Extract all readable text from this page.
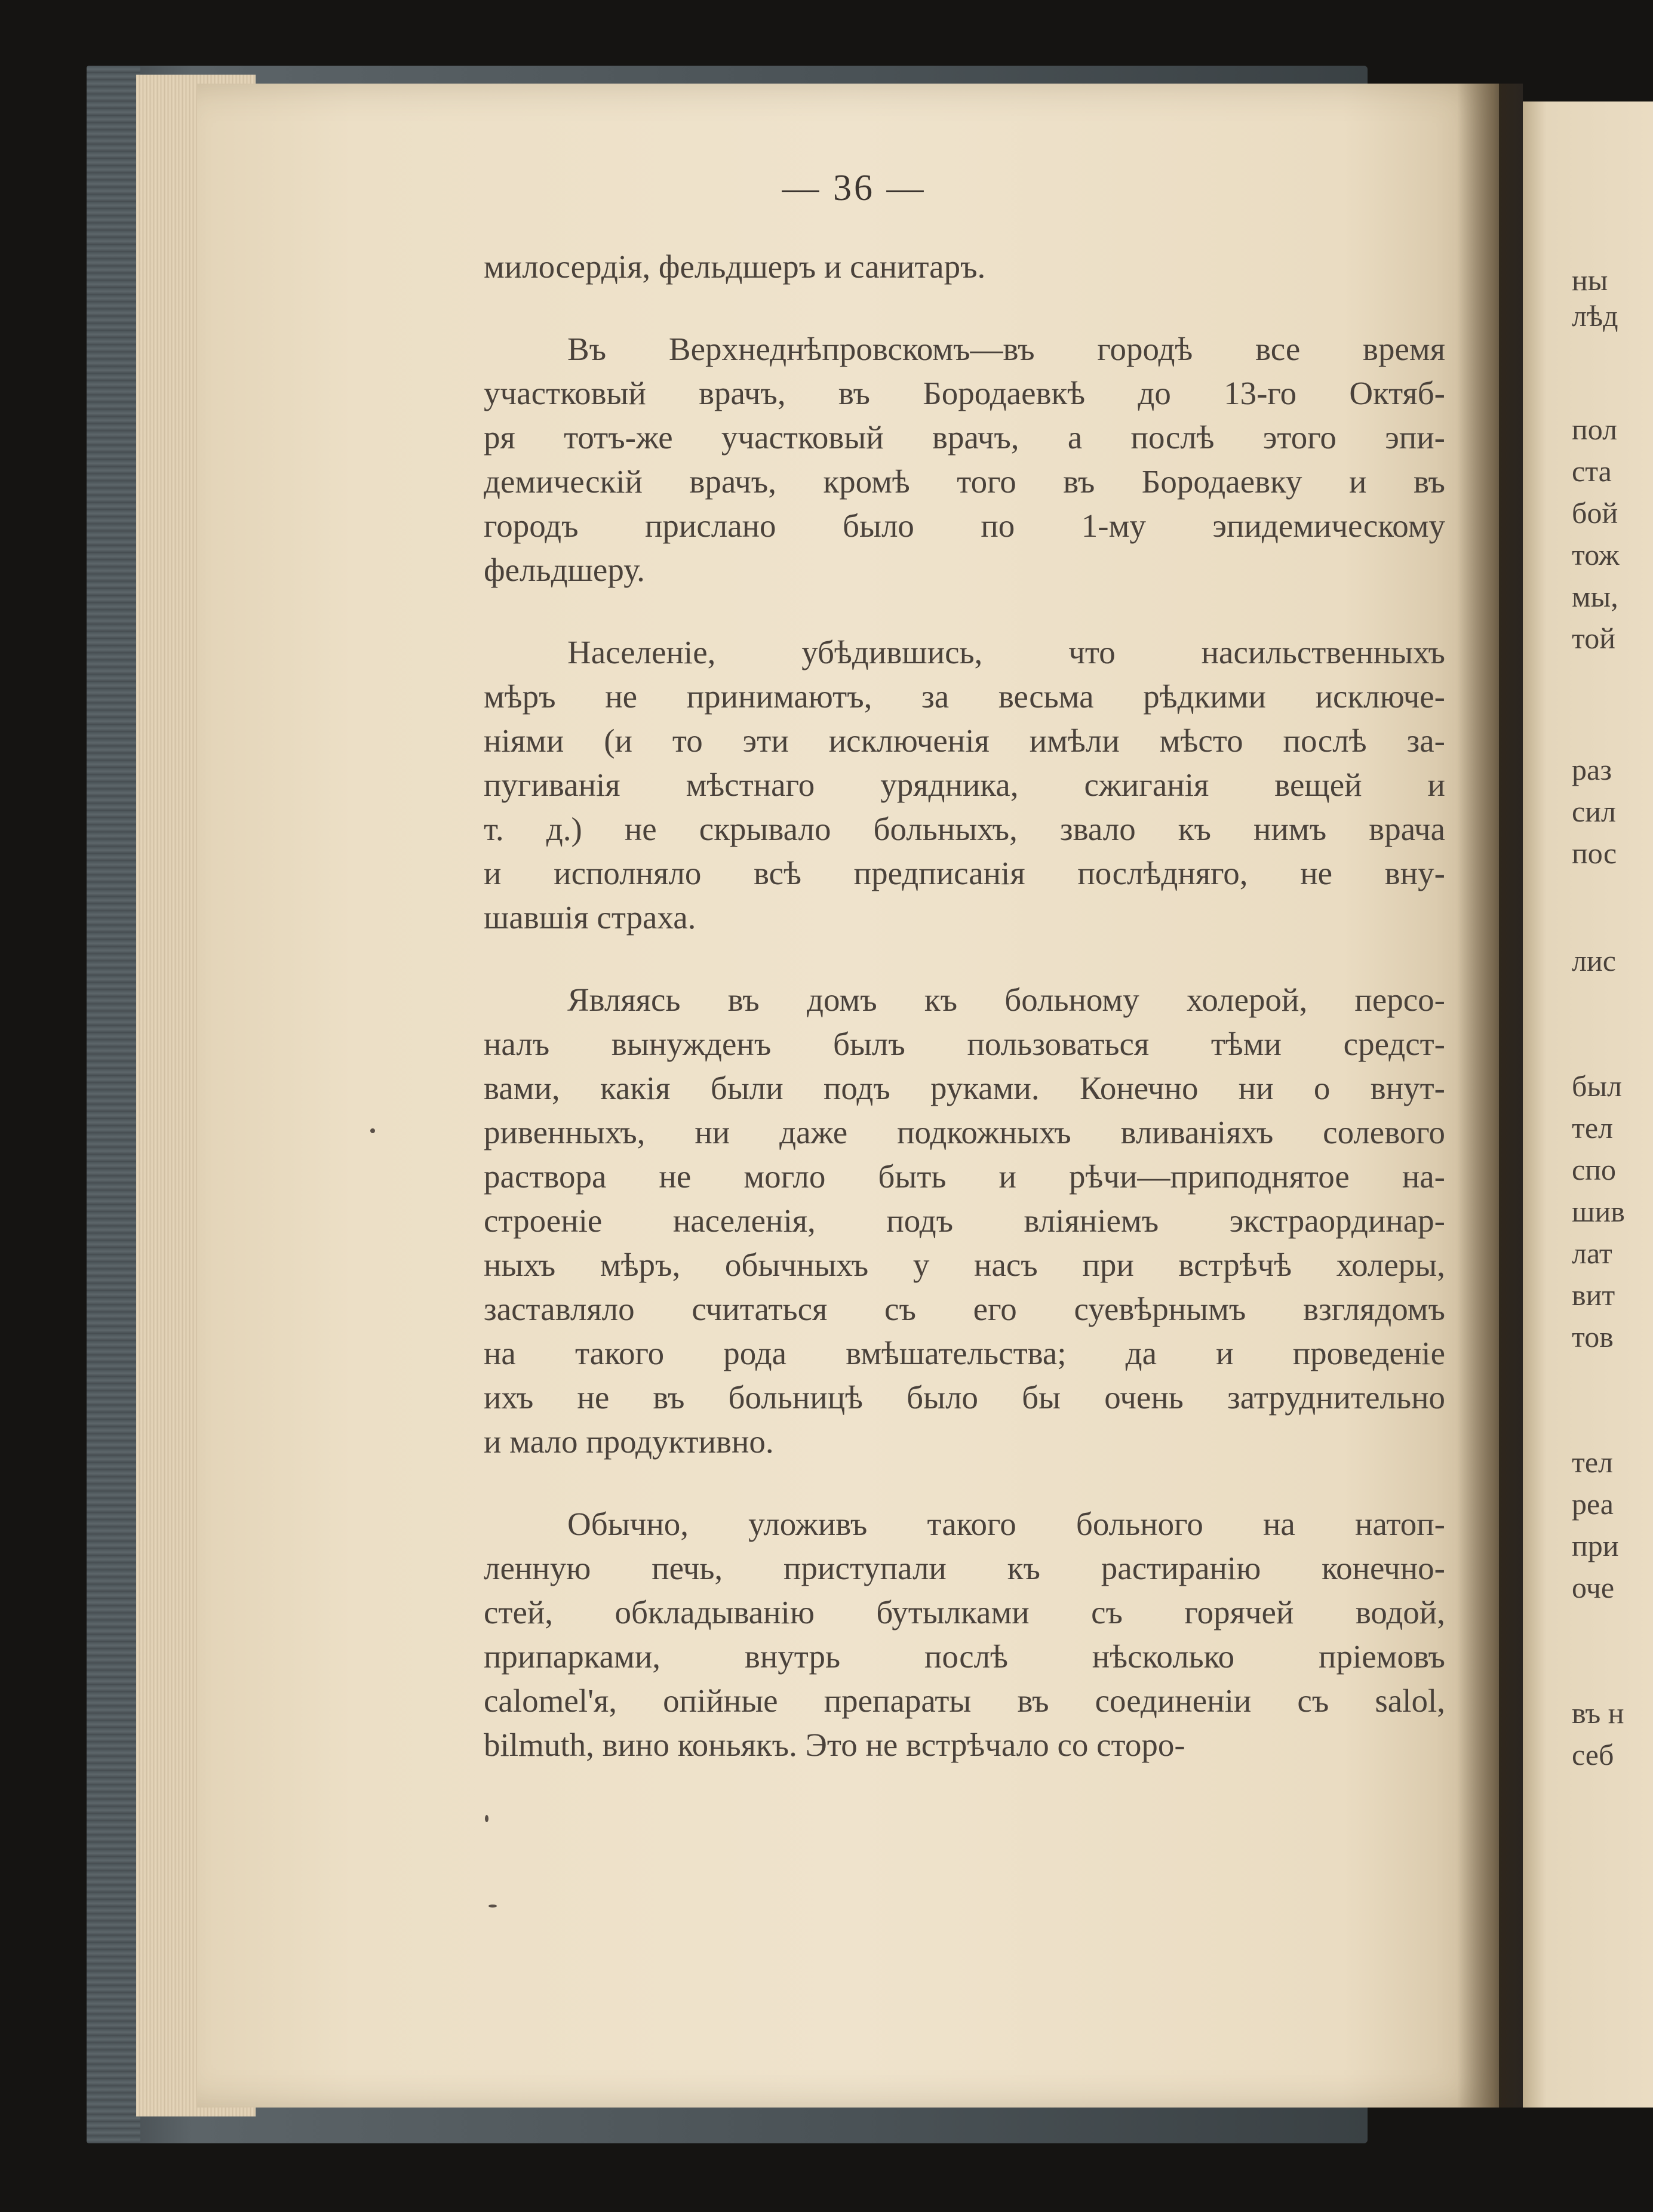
— 36 —
милосердія, фельдшеръ и санитаръ.
Въ Верхнеднѣпровскомъ—въ городѣ все время
участковый врачъ, въ Бородаевкѣ до 13-го Октяб-
ря тотъ-же участковый врачъ, а послѣ этого эпи-
демическій врачъ, кромѣ того въ Бородаевку и въ
городъ прислано было по 1-му эпидемическому
фельдшеру.
Населеніе, убѣдившись, что насильственныхъ
мѣръ не принимаютъ, за весьма рѣдкими исключе-
ніями (и то эти исключенія имѣли мѣсто послѣ за-
пугиванія мѣстнаго урядника, сжиганія вещей и
т. д.) не скрывало больныхъ, звало къ нимъ врача
и исполняло всѣ предписанія послѣдняго, не вну-
шавшія страха.
Являясь въ домъ къ больному холерой, персо-
налъ вынужденъ былъ пользоваться тѣми средст-
вами, какія были подъ руками. Конечно ни о внут-
ривенныхъ, ни даже подкожныхъ вливаніяхъ солевого
раствора не могло быть и рѣчи—приподнятое на-
строеніе населенія, подъ вліяніемъ экстраординар-
ныхъ мѣръ, обычныхъ у насъ при встрѣчѣ холеры,
заставляло считаться съ его суевѣрнымъ взглядомъ
на такого рода вмѣшательства; да и проведеніе
ихъ не въ больницѣ было бы очень затруднительно
и мало продуктивно.
Обычно, уложивъ такого больного на натоп-
ленную печь, приступали къ растиранію конечно-
стей, обкладыванію бутылками съ горячей водой,
припарками, внутрь послѣ нѣсколько пріемовъ
calomel'я, опійные препараты въ соединеніи съ salol,
bilmuth, вино коньякъ. Это не встрѣчало со сторо-
ны
лѣд
пол
ста
бой
тож
мы,
той
раз
сил
пос
лис
был
тел
спо
шив
лат
вит
тов
тел
реа
при
оче
въ н
себ
